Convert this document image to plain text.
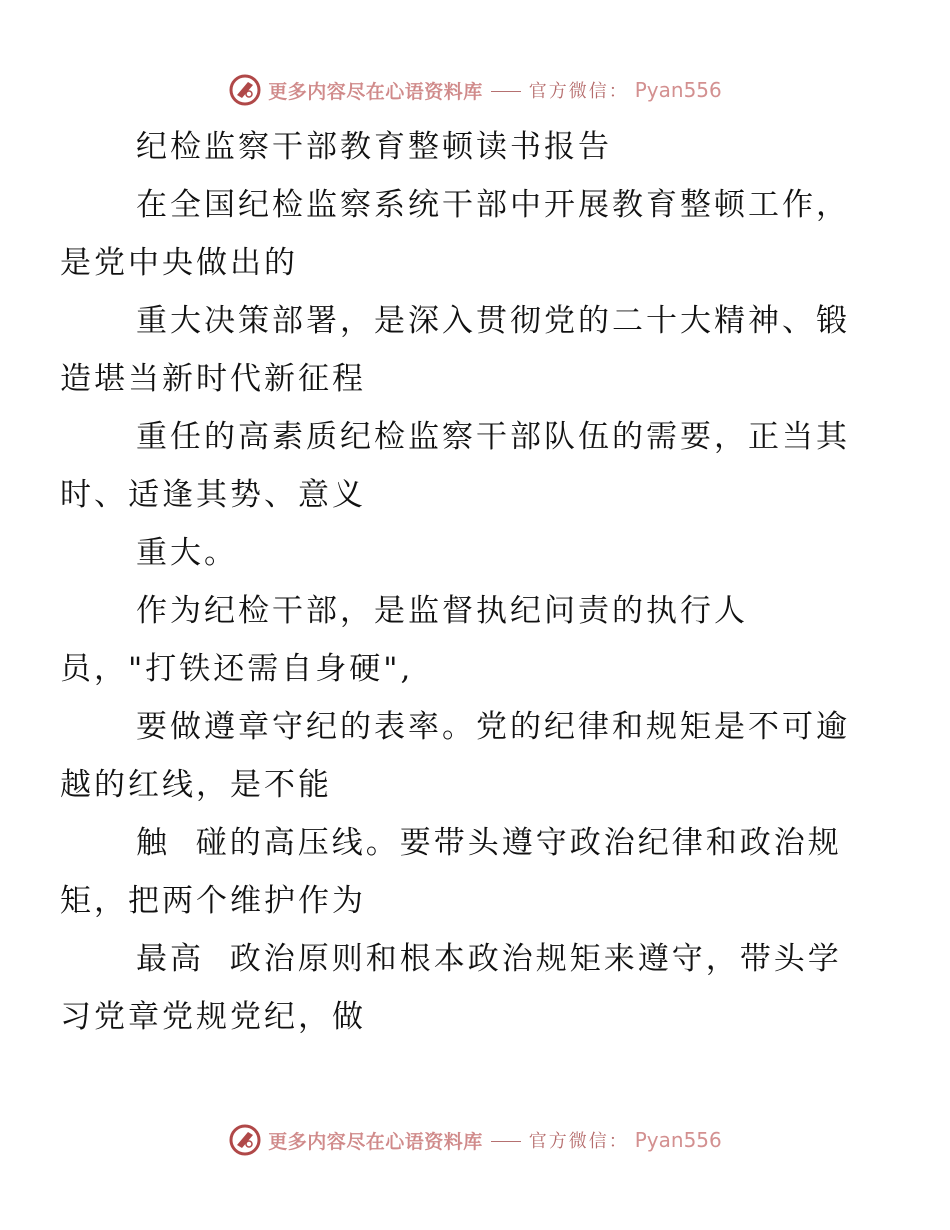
更多内容尽在心语资料库	官方微信： Pyan556

纪检监察干部教育整顿读书报告

在全国纪检监察系统干部中开展教育整顿工作，
是党中央做出的

重大决策部署，是深入贯彻党的二十大精神、锻
造堪当新时代新征程

重任的高素质纪检监察干部队伍的需要，正当其
时、适逢其势、意义

重大。

作为纪检干部，是监督执纪问责的执行人
员，"打铁还需自身硬",

要做遵章守纪的表率。党的纪律和规矩是不可逾
越的红线，是不能

触  碰的高压线。要带头遵守政治纪律和政治规
矩，把两个维护作为

最高  政治原则和根本政治规矩来遵守，带头学
习党章党规党纪，做

更多内容尽在心语资料库	官方微信： Pyan556
